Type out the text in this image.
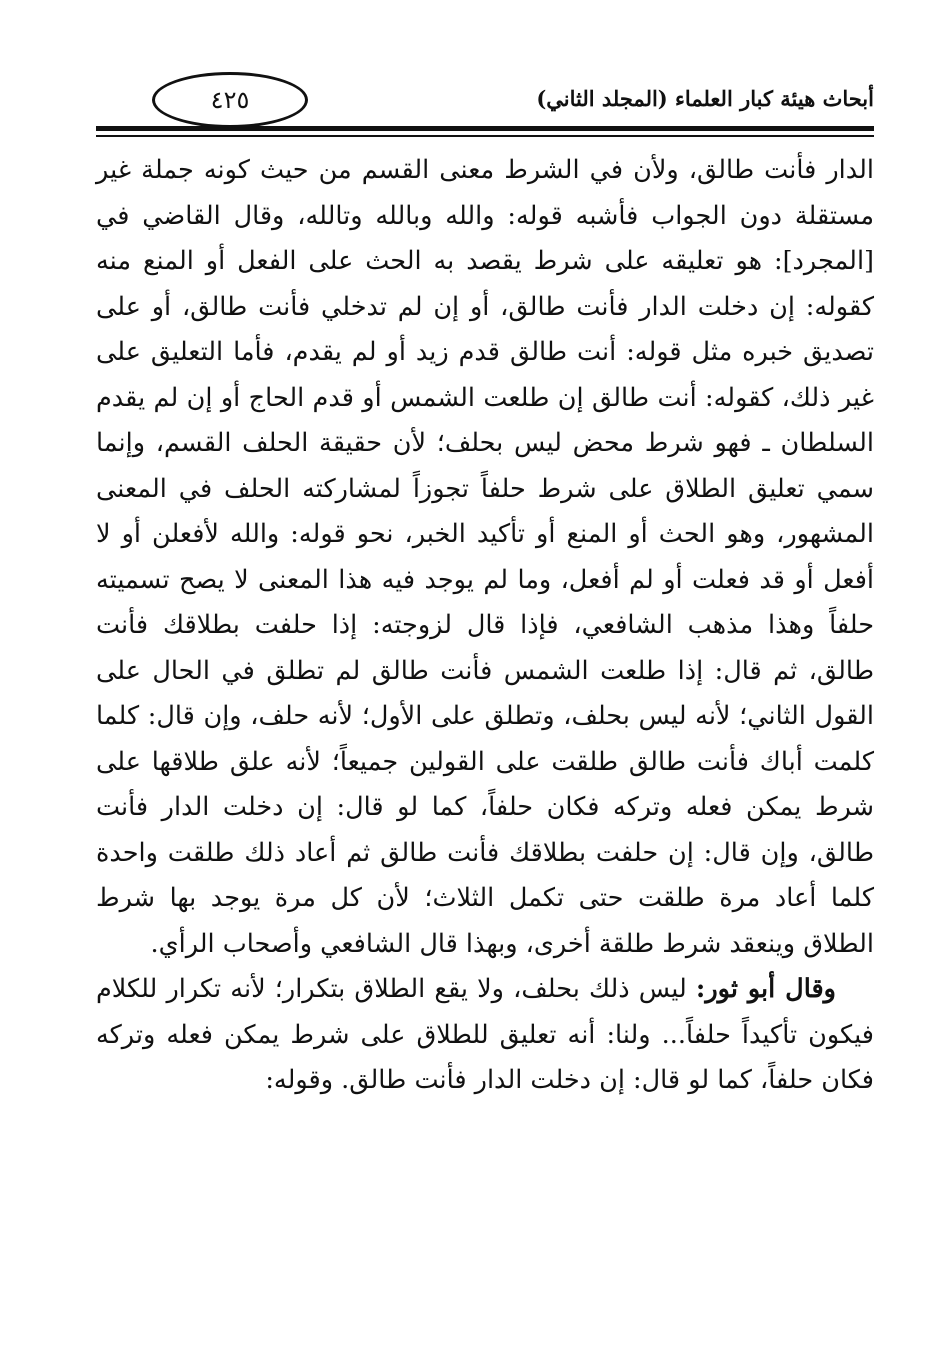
أبحاث هيئة كبار العلماء (المجلد الثاني)
٤٢٥

الدار فأنت طالق، ولأن في الشرط معنى القسم من حيث كونه جملة غير مستقلة دون الجواب فأشبه قوله: والله وبالله وتالله، وقال القاضي في [المجرد]: هو تعليقه على شرط يقصد به الحث على الفعل أو المنع منه كقوله: إن دخلت الدار فأنت طالق، أو إن لم تدخلي فأنت طالق، أو على تصديق خبره مثل قوله: أنت طالق قدم زيد أو لم يقدم، فأما التعليق على غير ذلك، كقوله: أنت طالق إن طلعت الشمس أو قدم الحاج أو إن لم يقدم السلطان ـ فهو شرط محض ليس بحلف؛ لأن حقيقة الحلف القسم، وإنما سمي تعليق الطلاق على شرط حلفاً تجوزاً لمشاركته الحلف في المعنى المشهور، وهو الحث أو المنع أو تأكيد الخبر، نحو قوله: والله لأفعلن أو لا أفعل أو قد فعلت أو لم أفعل، وما لم يوجد فيه هذا المعنى لا يصح تسميته حلفاً وهذا مذهب الشافعي، فإذا قال لزوجته: إذا حلفت بطلاقك فأنت طالق، ثم قال: إذا طلعت الشمس فأنت طالق لم تطلق في الحال على القول الثاني؛ لأنه ليس بحلف، وتطلق على الأول؛ لأنه حلف، وإن قال: كلما كلمت أباك فأنت طالق طلقت على القولين جميعاً؛ لأنه علق طلاقها على شرط يمكن فعله وتركه فكان حلفاً، كما لو قال: إن دخلت الدار فأنت طالق، وإن قال: إن حلفت بطلاقك فأنت طالق ثم أعاد ذلك طلقت واحدة كلما أعاد مرة طلقت حتى تكمل الثلاث؛ لأن كل مرة يوجد بها شرط الطلاق وينعقد شرط طلقة أخرى، وبهذا قال الشافعي وأصحاب الرأي.

وقال أبو ثور: ليس ذلك بحلف، ولا يقع الطلاق بتكرار؛ لأنه تكرار للكلام فيكون تأكيداً حلفاً... ولنا: أنه تعليق للطلاق على شرط يمكن فعله وتركه فكان حلفاً، كما لو قال: إن دخلت الدار فأنت طالق. وقوله:
